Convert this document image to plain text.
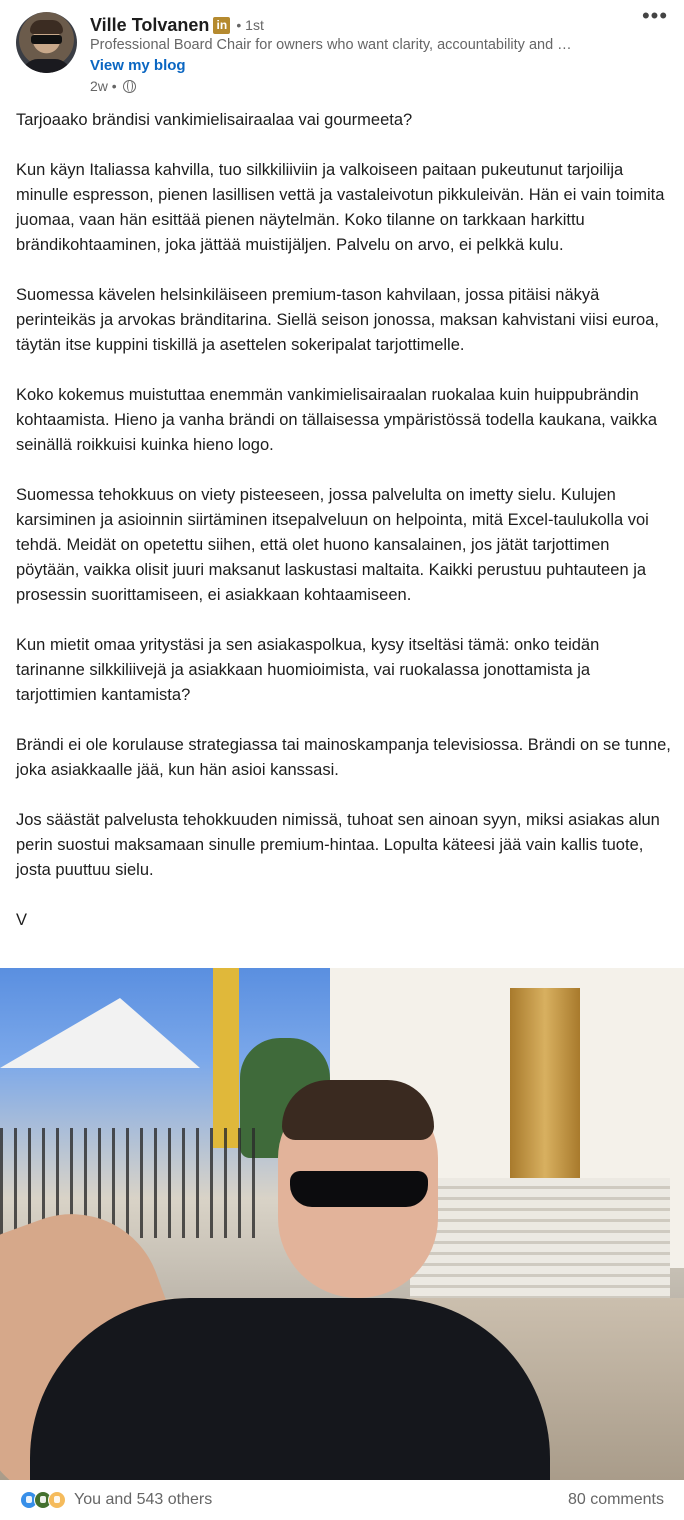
Ville Tolvanen in • 1st
Professional Board Chair for owners who want clarity, accountability and …
View my blog
2w •
•••

Tarjoaako brändisi vankimielisairaalaa vai gourmeeta?

Kun käyn Italiassa kahvilla, tuo silkkiliiviin ja valkoiseen paitaan pukeutunut tarjoilija minulle espresson, pienen lasillisen vettä ja vastaleivotun pikkuleivän. Hän ei vain toimita juomaa, vaan hän esittää pienen näytelmän. Koko tilanne on tarkkaan harkittu brändikohtaaminen, joka jättää muistijäljen. Palvelu on arvo, ei pelkkä kulu.

Suomessa kävelen helsinkiläiseen premium-tason kahvilaan, jossa pitäisi näkyä perinteikäs ja arvokas bränditarina. Siellä seison jonossa, maksan kahvistani viisi euroa, täytän itse kuppini tiskillä ja asettelen sokeripalat tarjottimelle.

Koko kokemus muistuttaa enemmän vankimielisairaalan ruokalaa kuin huippubrändin kohtaamista. Hieno ja vanha brändi on tällaisessa ympäristössä todella kaukana, vaikka seinällä roikkuisi kuinka hieno logo.

Suomessa tehokkuus on viety pisteeseen, jossa palvelulta on imetty sielu. Kulujen karsiminen ja asioinnin siirtäminen itsepalveluun on helpointa, mitä Excel-taulukolla voi tehdä. Meidät on opetettu siihen, että olet huono kansalainen, jos jätät tarjottimen pöytään, vaikka olisit juuri maksanut laskustasi maltaita. Kaikki perustuu puhtauteen ja prosessin suorittamiseen, ei asiakkaan kohtaamiseen.

Kun mietit omaa yritystäsi ja sen asiakaspolkua, kysy itseltäsi tämä: onko teidän tarinanne silkkiliivejä ja asiakkaan huomioimista, vai ruokalassa jonottamista ja tarjottimien kantamista?

Brändi ei ole korulause strategiassa tai mainoskampanja televisiossa. Brändi on se tunne, joka asiakkaalle jää, kun hän asioi kanssasi.

Jos säästät palvelusta tehokkuuden nimissä, tuhoat sen ainoan syyn, miksi asiakas alun perin suostui maksamaan sinulle premium-hintaa. Lopulta käteesi jää vain kallis tuote, josta puuttuu sielu.

V

You and 543 others	80 comments
